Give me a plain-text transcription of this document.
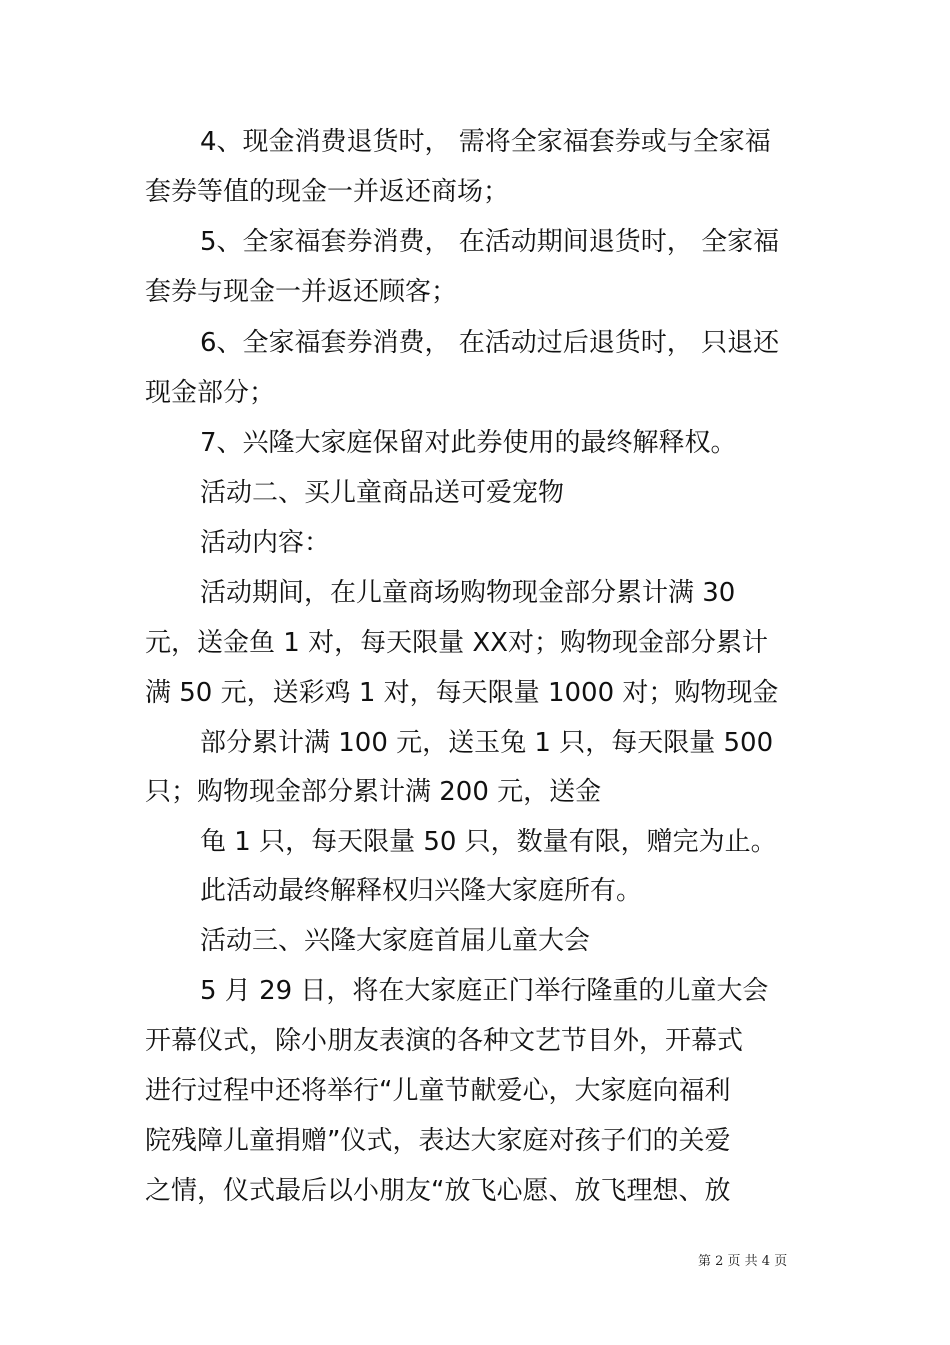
4、现金消费退货时， 需将全家福套券或与全家福
套券等值的现金一并返还商场；
5、全家福套券消费， 在活动期间退货时， 全家福
套券与现金一并返还顾客；
6、全家福套券消费， 在活动过后退货时， 只退还
现金部分；
7、兴隆大家庭保留对此券使用的最终解释权。
活动二、买儿童商品送可爱宠物
活动内容：
活动期间，在儿童商场购物现金部分累计满 30
元，送金鱼 1 对，每天限量 XX对；购物现金部分累计
满 50 元，送彩鸡 1 对，每天限量 1000 对；购物现金
部分累计满 100 元，送玉兔 1 只，每天限量 500
只；购物现金部分累计满 200 元，送金
龟 1 只，每天限量 50 只，数量有限，赠完为止。
此活动最终解释权归兴隆大家庭所有。
活动三、兴隆大家庭首届儿童大会
5 月 29 日，将在大家庭正门举行隆重的儿童大会
开幕仪式，除小朋友表演的各种文艺节目外，开幕式
进行过程中还将举行“儿童节献爱心，大家庭向福利
院残障儿童捐赠”仪式，表达大家庭对孩子们的关爱
之情，仪式最后以小朋友“放飞心愿、放飞理想、放
第 2 页 共 4 页
